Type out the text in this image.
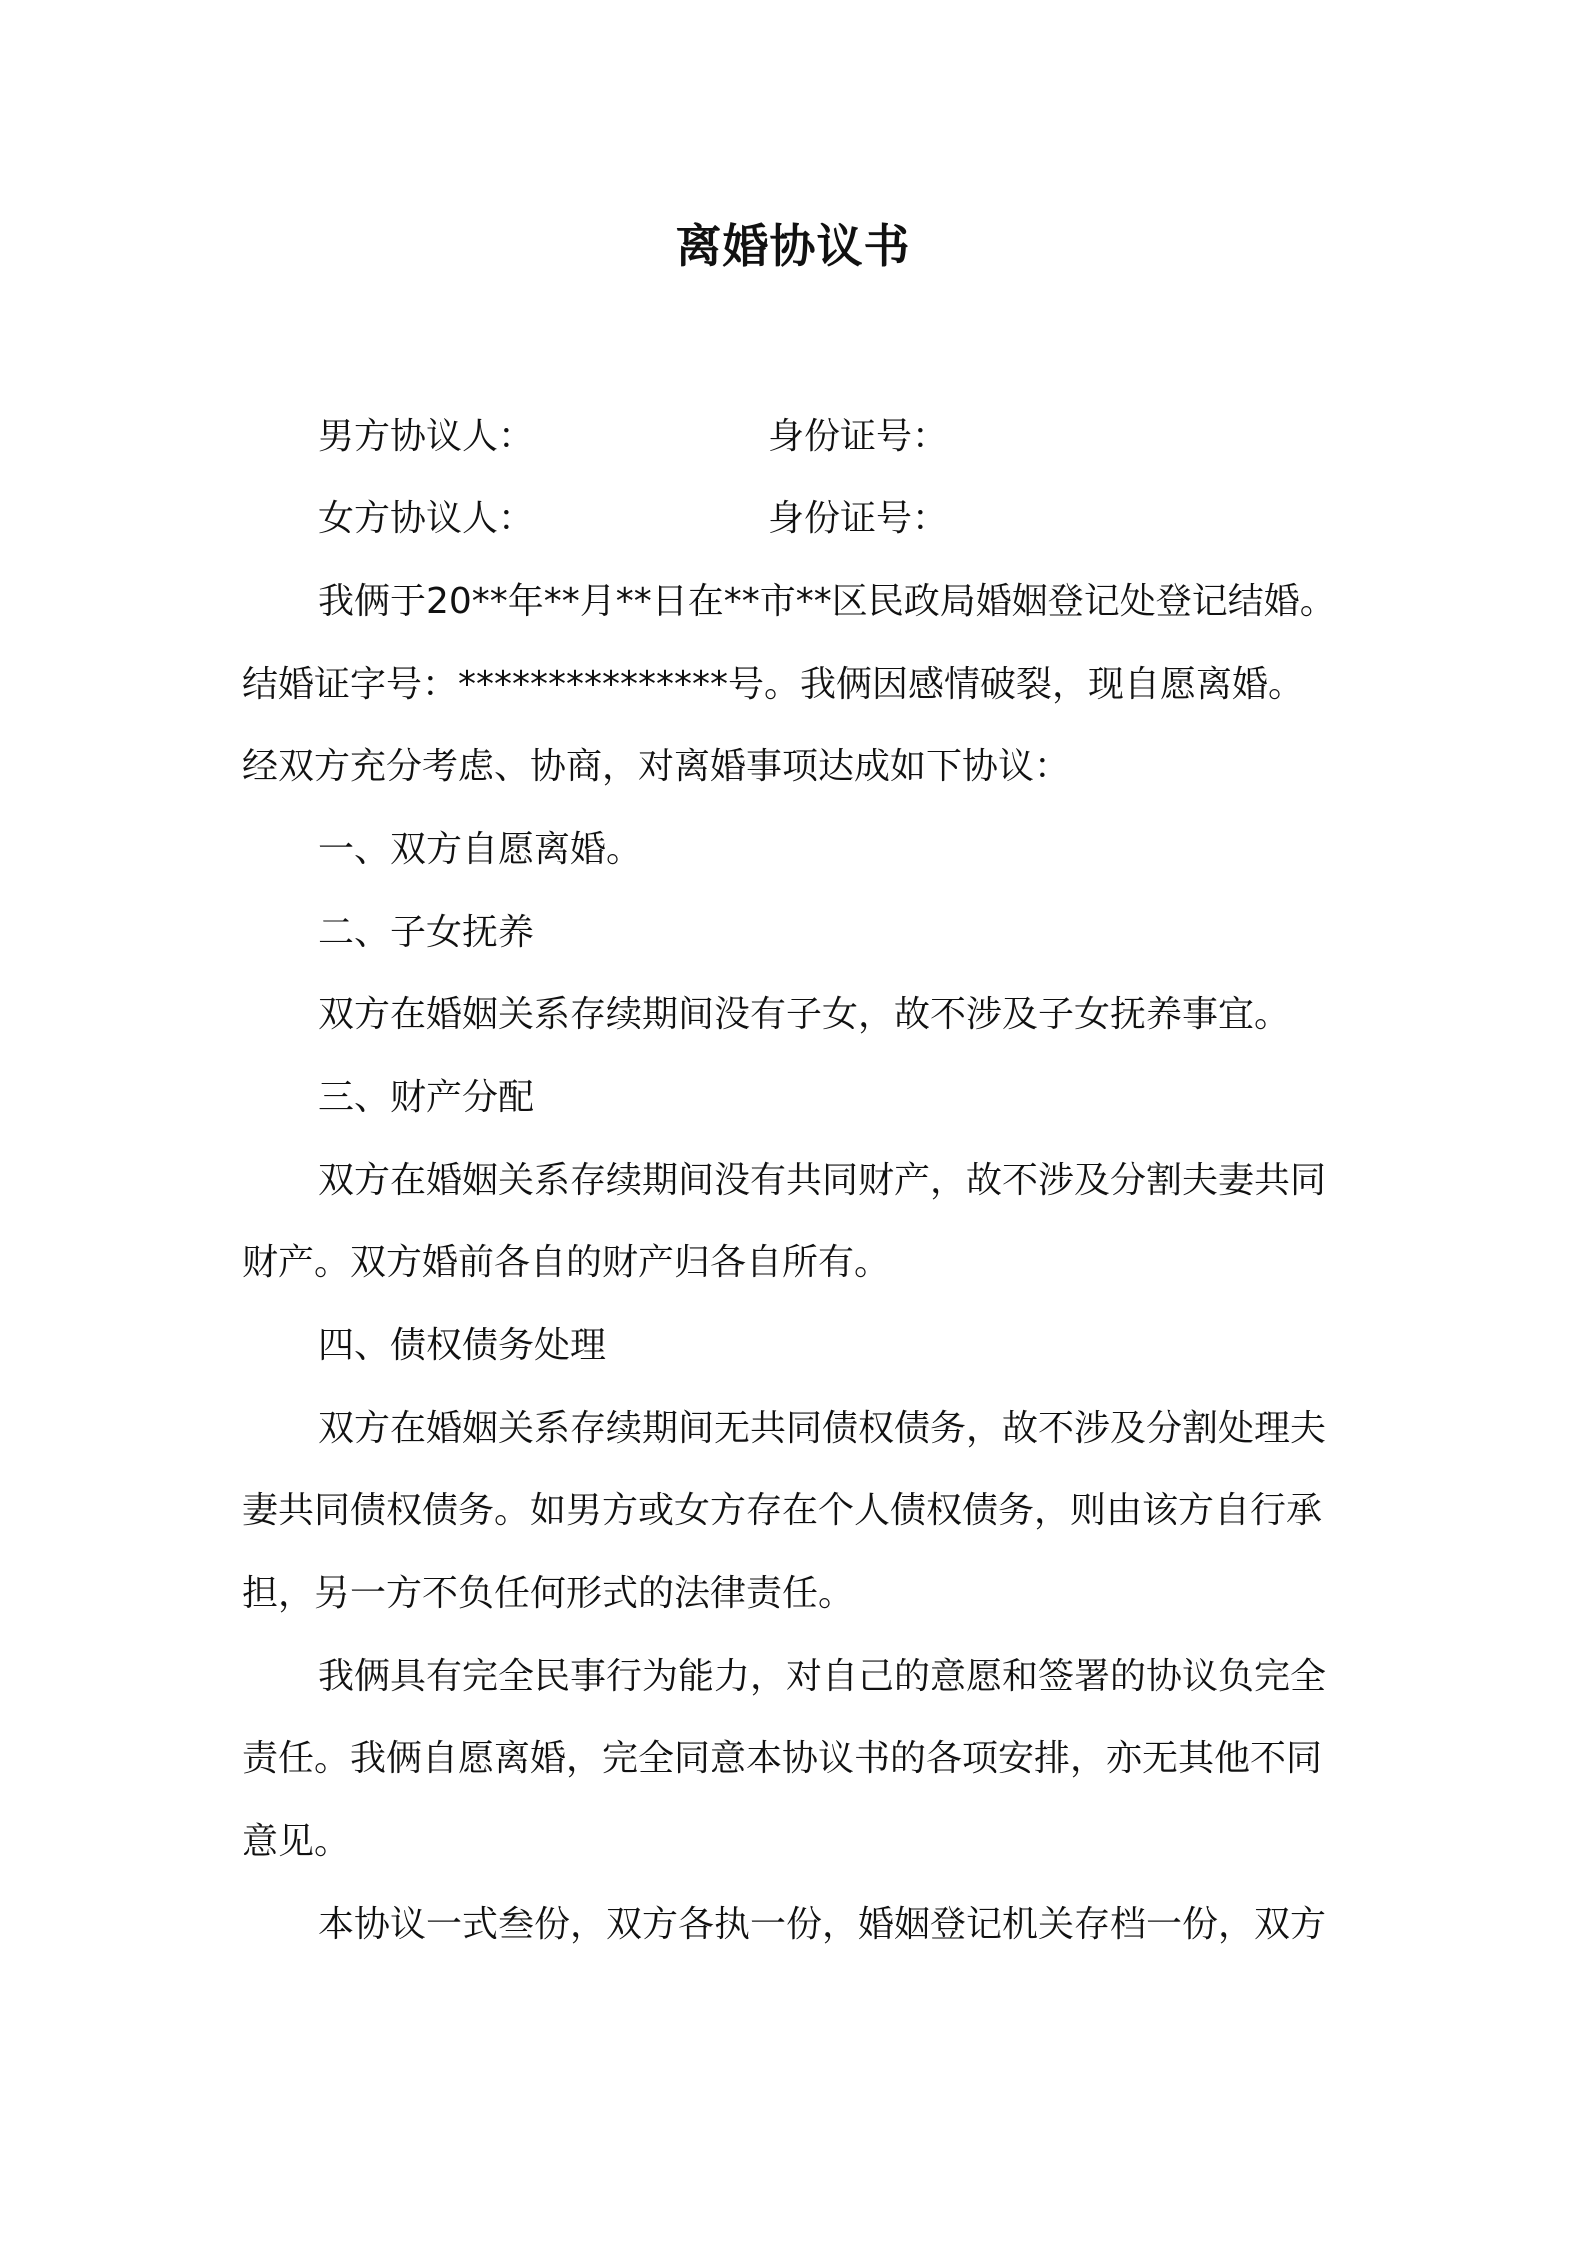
离婚协议书
男方协议人：	身份证号：
女方协议人：	身份证号：
我俩于20**年**月**日在**市**区民政局婚姻登记处登记结婚。
结婚证字号：***************号。我俩因感情破裂，现自愿离婚。
经双方充分考虑、协商，对离婚事项达成如下协议：
一、双方自愿离婚。
二、子女抚养
双方在婚姻关系存续期间没有子女，故不涉及子女抚养事宜。
三、财产分配
双方在婚姻关系存续期间没有共同财产，故不涉及分割夫妻共同
财产。双方婚前各自的财产归各自所有。
四、债权债务处理
双方在婚姻关系存续期间无共同债权债务，故不涉及分割处理夫
妻共同债权债务。如男方或女方存在个人债权债务，则由该方自行承
担，另一方不负任何形式的法律责任。
我俩具有完全民事行为能力，对自己的意愿和签署的协议负完全
责任。我俩自愿离婚，完全同意本协议书的各项安排，亦无其他不同
意见。
本协议一式叁份，双方各执一份，婚姻登记机关存档一份，双方
